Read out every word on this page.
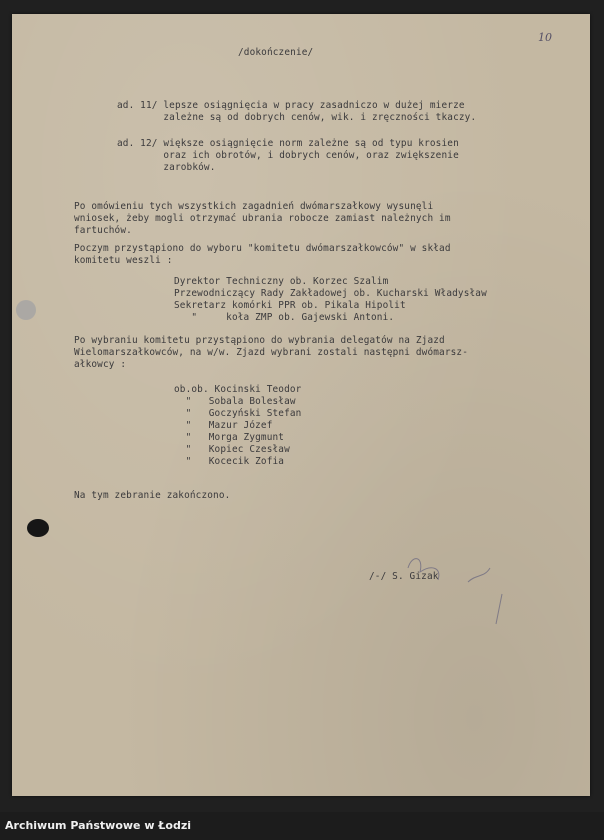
10
/dokończenie/
ad. 11/ lepsze osiągnięcia w pracy zasadniczo w dużej mierze
zależne są od dobrych cenów, wik. i zręczności tkaczy.
ad. 12/ większe osiągnięcie norm zależne są od typu krosien
oraz ich obrotów, i dobrych cenów, oraz zwiększenie
zarobków.
Po omówieniu tych wszystkich zagadnień dwómarszałkowy wysunęli
wniosek, żeby mogli otrzymać ubrania robocze zamiast należnych im
fartuchów.
Poczym przystąpiono do wyboru "komitetu dwómarszałkowców" w skład
komitetu weszli :
Dyrektor Techniczny ob. Korzec Szalim
Przewodniczący Rady Zakładowej ob. Kucharski Władysław
Sekretarz komórki PPR ob. Pikala Hipolit
"     koła ZMP ob. Gajewski Antoni.
Po wybraniu komitetu przystąpiono do wybrania delegatów na Zjazd
Wielomarszałkowców, na w/w. Zjazd wybrani zostali następni dwómarsz-
ałkowcy :
ob.ob. Kocinski Teodor
"   Sobala Bolesław
"   Goczyński Stefan
"   Mazur Józef
"   Morga Zygmunt
"   Kopiec Czesław
"   Kocecik Zofia
Na tym zebranie zakończono.
/-/ S. Gizak
Archiwum Państwowe w Łodzi
